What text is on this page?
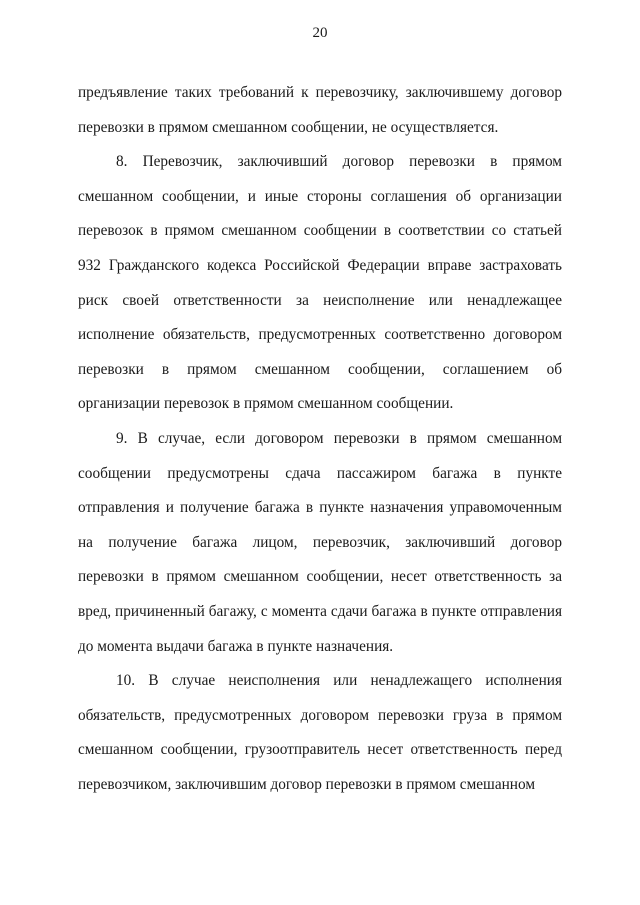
20

предъявление таких требований к перевозчику, заключившему договор перевозки в прямом смешанном сообщении, не осуществляется.

8. Перевозчик, заключивший договор перевозки в прямом смешанном сообщении, и иные стороны соглашения об организации перевозок в прямом смешанном сообщении в соответствии со статьей 932 Гражданского кодекса Российской Федерации вправе застраховать риск своей ответственности за неисполнение или ненадлежащее исполнение обязательств, предусмотренных соответственно договором перевозки в прямом смешанном сообщении, соглашением об организации перевозок в прямом смешанном сообщении.

9. В случае, если договором перевозки в прямом смешанном сообщении предусмотрены сдача пассажиром багажа в пункте отправления и получение багажа в пункте назначения управомоченным на получение багажа лицом, перевозчик, заключивший договор перевозки в прямом смешанном сообщении, несет ответственность за вред, причиненный багажу, с момента сдачи багажа в пункте отправления до момента выдачи багажа в пункте назначения.

10. В случае неисполнения или ненадлежащего исполнения обязательств, предусмотренных договором перевозки груза в прямом смешанном сообщении, грузоотправитель несет ответственность перед перевозчиком, заключившим договор перевозки в прямом смешанном
